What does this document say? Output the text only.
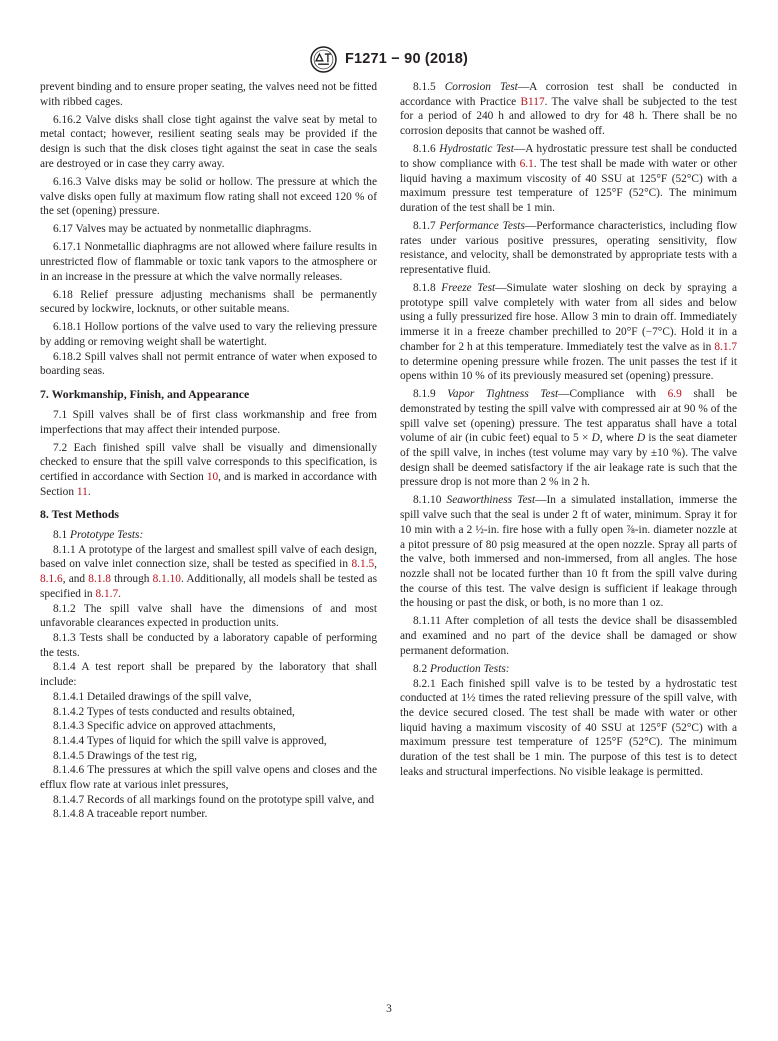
F1271 − 90 (2018)

prevent binding and to ensure proper seating, the valves need not be fitted with ribbed cages.

6.16.2 Valve disks shall close tight against the valve seat by metal to metal contact; however, resilient seating seals may be provided if the design is such that the disk closes tight against the seat in case the seals are destroyed or in case they carry away.

6.16.3 Valve disks may be solid or hollow. The pressure at which the valve disks open fully at maximum flow rating shall not exceed 120 % of the set (opening) pressure.

6.17 Valves may be actuated by nonmetallic diaphragms.

6.17.1 Nonmetallic diaphragms are not allowed where failure results in unrestricted flow of flammable or toxic tank vapors to the atmosphere or in an increase in the pressure at which the valve normally releases.

6.18 Relief pressure adjusting mechanisms shall be permanently secured by lockwire, locknuts, or other suitable means.

6.18.1 Hollow portions of the valve used to vary the relieving pressure by adding or removing weight shall be watertight.

6.18.2 Spill valves shall not permit entrance of water when exposed to boarding seas.

7. Workmanship, Finish, and Appearance

7.1 Spill valves shall be of first class workmanship and free from imperfections that may affect their intended purpose.

7.2 Each finished spill valve shall be visually and dimensionally checked to ensure that the spill valve corresponds to this specification, is certified in accordance with Section 10, and is marked in accordance with Section 11.

8. Test Methods

8.1 Prototype Tests:

8.1.1 A prototype of the largest and smallest spill valve of each design, based on valve inlet connection size, shall be tested as specified in 8.1.5, 8.1.6, and 8.1.8 through 8.1.10. Additionally, all models shall be tested as specified in 8.1.7.

8.1.2 The spill valve shall have the dimensions of and most unfavorable clearances expected in production units.

8.1.3 Tests shall be conducted by a laboratory capable of performing the tests.

8.1.4 A test report shall be prepared by the laboratory that shall include:

8.1.4.1 Detailed drawings of the spill valve,

8.1.4.2 Types of tests conducted and results obtained,

8.1.4.3 Specific advice on approved attachments,

8.1.4.4 Types of liquid for which the spill valve is approved,

8.1.4.5 Drawings of the test rig,

8.1.4.6 The pressures at which the spill valve opens and closes and the efflux flow rate at various inlet pressures,

8.1.4.7 Records of all markings found on the prototype spill valve, and

8.1.4.8 A traceable report number.

8.1.5 Corrosion Test—A corrosion test shall be conducted in accordance with Practice B117. The valve shall be subjected to the test for a period of 240 h and allowed to dry for 48 h. There shall be no corrosion deposits that cannot be washed off.

8.1.6 Hydrostatic Test—A hydrostatic pressure test shall be conducted to show compliance with 6.1. The test shall be made with water or other liquid having a maximum viscosity of 40 SSU at 125°F (52°C) with a maximum pressure test temperature of 125°F (52°C). The minimum duration of the test shall be 1 min.

8.1.7 Performance Tests—Performance characteristics, including flow rates under various positive pressures, operating sensitivity, flow resistance, and velocity, shall be demonstrated by appropriate tests with a representative fluid.

8.1.8 Freeze Test—Simulate water sloshing on deck by spraying a prototype spill valve completely with water from all sides and below using a fully pressurized fire hose. Allow 3 min to drain off. Immediately immerse it in a freeze chamber prechilled to 20°F (−7°C). Hold it in a chamber for 2 h at this temperature. Immediately test the valve as in 8.1.7 to determine opening pressure while frozen. The unit passes the test if it opens within 10 % of its previously measured set (opening) pressure.

8.1.9 Vapor Tightness Test—Compliance with 6.9 shall be demonstrated by testing the spill valve with compressed air at 90 % of the spill valve set (opening) pressure. The test apparatus shall have a total volume of air (in cubic feet) equal to 5 × D, where D is the seat diameter of the spill valve, in inches (test volume may vary by ±10 %). The valve design shall be deemed satisfactory if the air leakage rate is such that the pressure drop is not more than 2 % in 2 h.

8.1.10 Seaworthiness Test—In a simulated installation, immerse the spill valve such that the seal is under 2 ft of water, minimum. Spray it for 10 min with a 2 ½-in. fire hose with a fully open ⅞-in. diameter nozzle at a pitot pressure of 80 psig measured at the open nozzle. Spray all parts of the valve, both immersed and non-immersed, from all angles. The hose nozzle shall not be located further than 10 ft from the spill valve during the course of this test. The valve design is sufficient if leakage through the housing or past the disk, or both, is no more than 1 oz.

8.1.11 After completion of all tests the device shall be disassembled and examined and no part of the device shall be damaged or show permanent deformation.

8.2 Production Tests:

8.2.1 Each finished spill valve is to be tested by a hydrostatic test conducted at 1½ times the rated relieving pressure of the spill valve, with the device secured closed. The test shall be made with water or other liquid having a maximum viscosity of 40 SSU at 125°F (52°C) with a maximum pressure test temperature of 125°F (52°C). The minimum duration of the test shall be 1 min. The purpose of this test is to detect leaks and structural imperfections. No visible leakage is permitted.

3
